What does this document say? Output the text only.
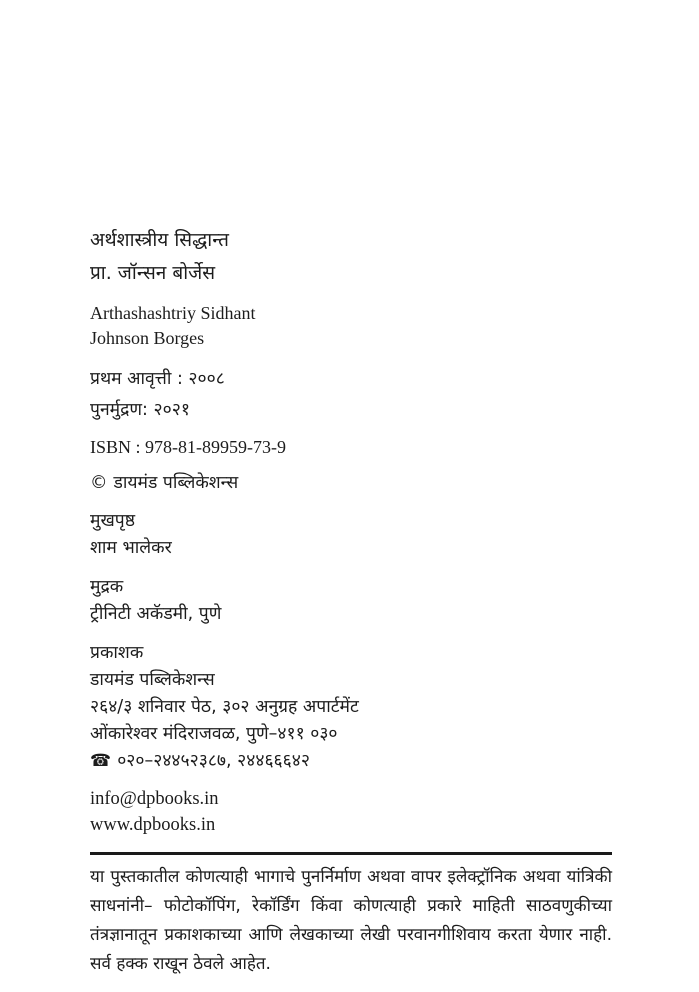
अर्थशास्त्रीय सिद्धान्त
प्रा. जॉन्सन बोर्जेस
Arthashashtriy Sidhant
Johnson Borges
प्रथम आवृत्ती : २००८
पुनर्मुद्रण: २०२१
ISBN : 978-81-89959-73-9
© डायमंड पब्लिकेशन्स
मुखपृष्ठ
शाम भालेकर
मुद्रक
ट्रीनिटी अकॅडमी, पुणे
प्रकाशक
डायमंड पब्लिकेशन्स
२६४/३ शनिवार पेठ, ३०२ अनुग्रह अपार्टमेंट
ओंकारेश्वर मंदिराजवळ, पुणे–४११ ०३०
☎ ०२०–२४४५२३८७, २४४६६६४२
info@dpbooks.in
www.dpbooks.in

या पुस्तकातील कोणत्याही भागाचे पुनर्निर्माण अथवा वापर इलेक्ट्रॉनिक अथवा यांत्रिकी साधनांनी– फोटोकॉपिंग, रेकॉर्डिंग किंवा कोणत्याही प्रकारे माहिती साठवणुकीच्या तंत्रज्ञानातून प्रकाशकाच्या आणि लेखकाच्या लेखी परवानगीशिवाय करता येणार नाही. सर्व हक्क राखून ठेवले आहेत.
